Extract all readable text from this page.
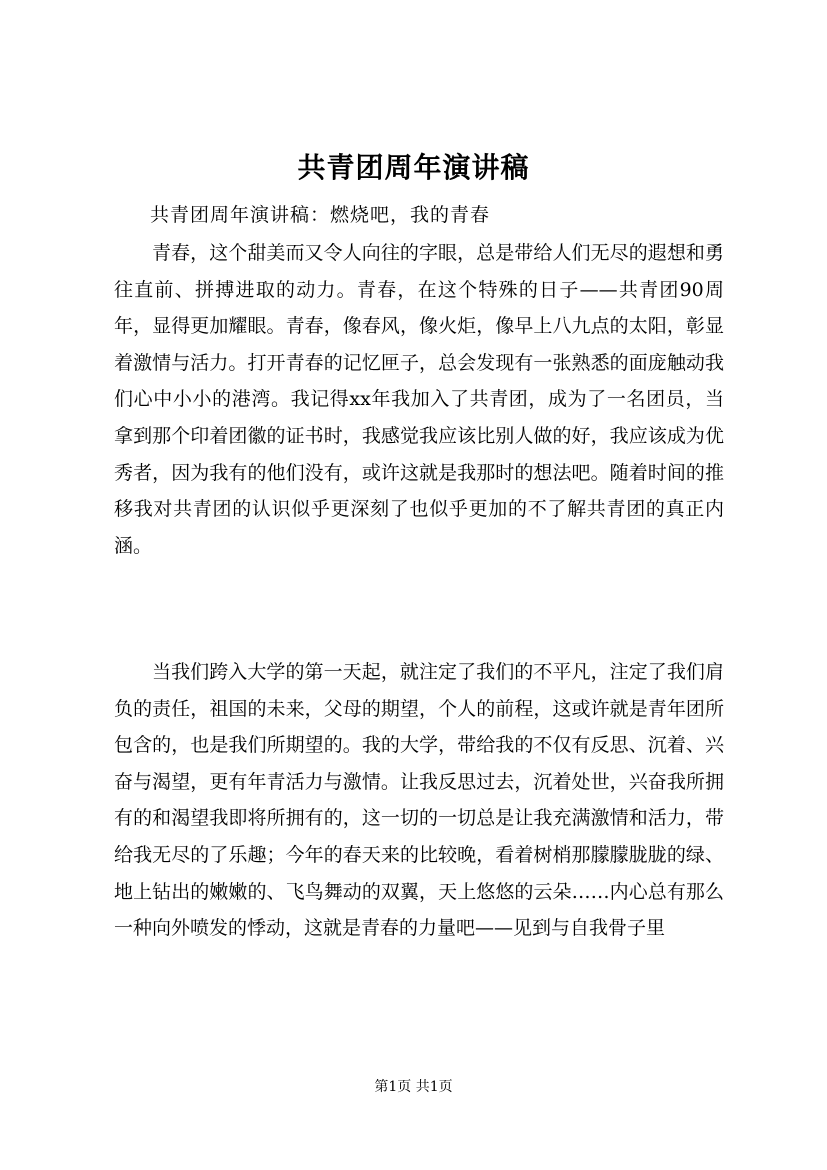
共青团周年演讲稿
共青团周年演讲稿：燃烧吧，我的青春

青春，这个甜美而又令人向往的字眼，总是带给人们无尽的遐想和勇往直前、拼搏进取的动力。青春，在这个特殊的日子——共青团90周年，显得更加耀眼。青春，像春风，像火炬，像早上八九点的太阳，彰显着激情与活力。打开青春的记忆匣子，总会发现有一张熟悉的面庞触动我们心中小小的港湾。我记得xx年我加入了共青团，成为了一名团员，当拿到那个印着团徽的证书时，我感觉我应该比别人做的好，我应该成为优秀者，因为我有的他们没有，或许这就是我那时的想法吧。随着时间的推移我对共青团的认识似乎更深刻了也似乎更加的不了解共青团的真正内涵。

当我们跨入大学的第一天起，就注定了我们的不平凡，注定了我们肩负的责任，祖国的未来，父母的期望，个人的前程，这或许就是青年团所包含的，也是我们所期望的。我的大学，带给我的不仅有反思、沉着、兴奋与渴望，更有年青活力与激情。让我反思过去，沉着处世，兴奋我所拥有的和渴望我即将所拥有的，这一切的一切总是让我充满激情和活力，带给我无尽的了乐趣；今年的春天来的比较晚，看着树梢那朦朦胧胧的绿、地上钻出的嫩嫩的、飞鸟舞动的双翼，天上悠悠的云朵……内心总有那么一种向外喷发的悸动，这就是青春的力量吧——见到与自我骨子里

第1页 共1页
